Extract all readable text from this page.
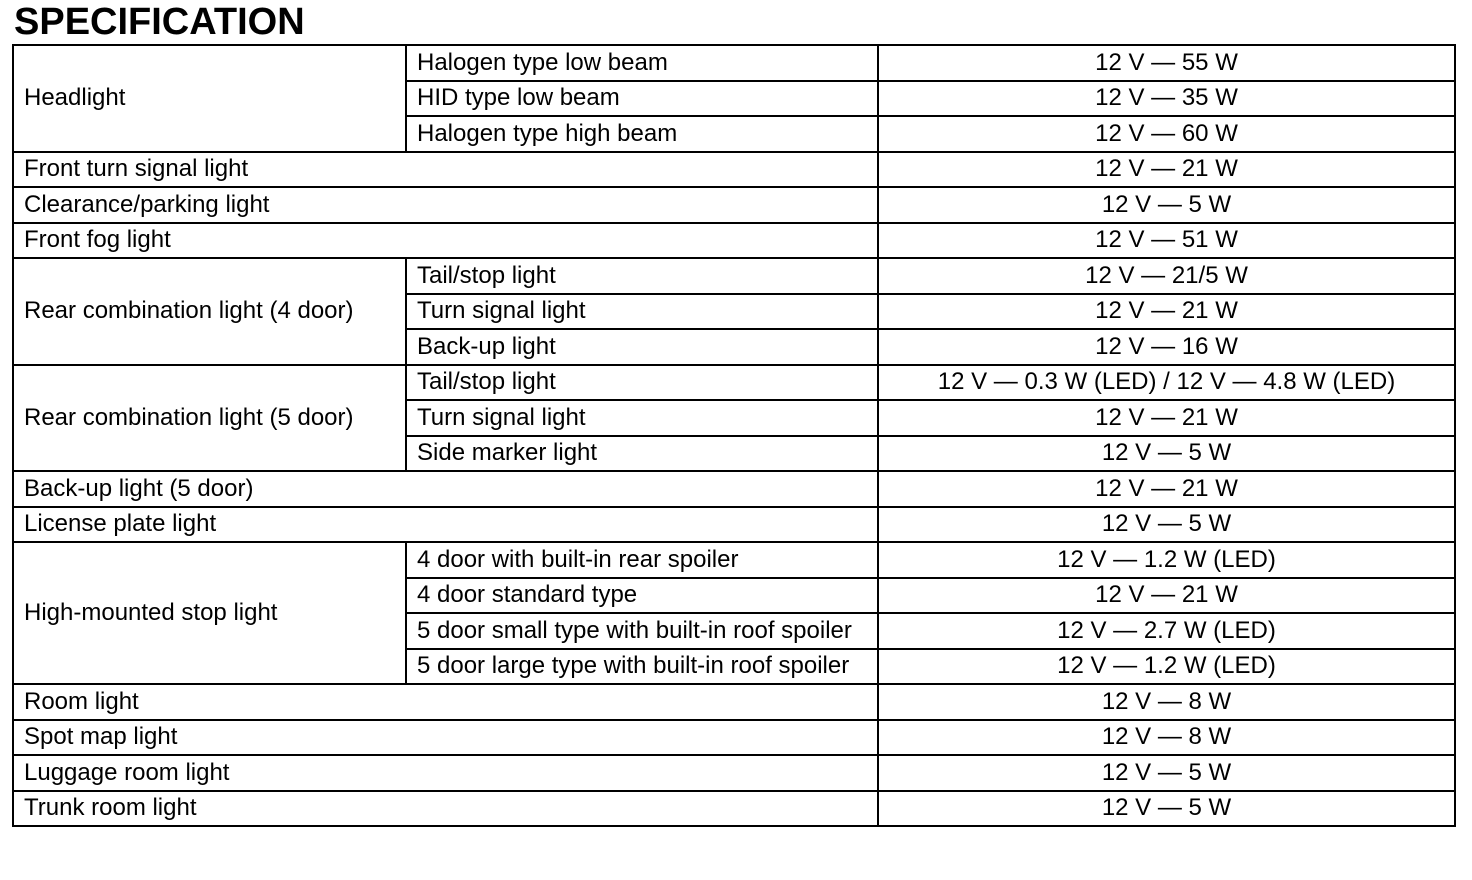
SPECIFICATION
Headlight	Halogen type low beam	12 V — 55 W
	HID type low beam	12 V — 35 W
	Halogen type high beam	12 V — 60 W
Front turn signal light		12 V — 21 W
Clearance/parking light		12 V — 5 W
Front fog light		12 V — 51 W
Rear combination light (4 door)	Tail/stop light	12 V — 21/5 W
	Turn signal light	12 V — 21 W
	Back-up light	12 V — 16 W
Rear combination light (5 door)	Tail/stop light	12 V — 0.3 W (LED) / 12 V — 4.8 W (LED)
	Turn signal light	12 V — 21 W
	Side marker light	12 V — 5 W
Back-up light (5 door)		12 V — 21 W
License plate light		12 V — 5 W
High-mounted stop light	4 door with built-in rear spoiler	12 V — 1.2 W (LED)
	4 door standard type	12 V — 21 W
	5 door small type with built-in roof spoiler	12 V — 2.7 W (LED)
	5 door large type with built-in roof spoiler	12 V — 1.2 W (LED)
Room light		12 V — 8 W
Spot map light		12 V — 8 W
Luggage room light		12 V — 5 W
Trunk room light		12 V — 5 W
